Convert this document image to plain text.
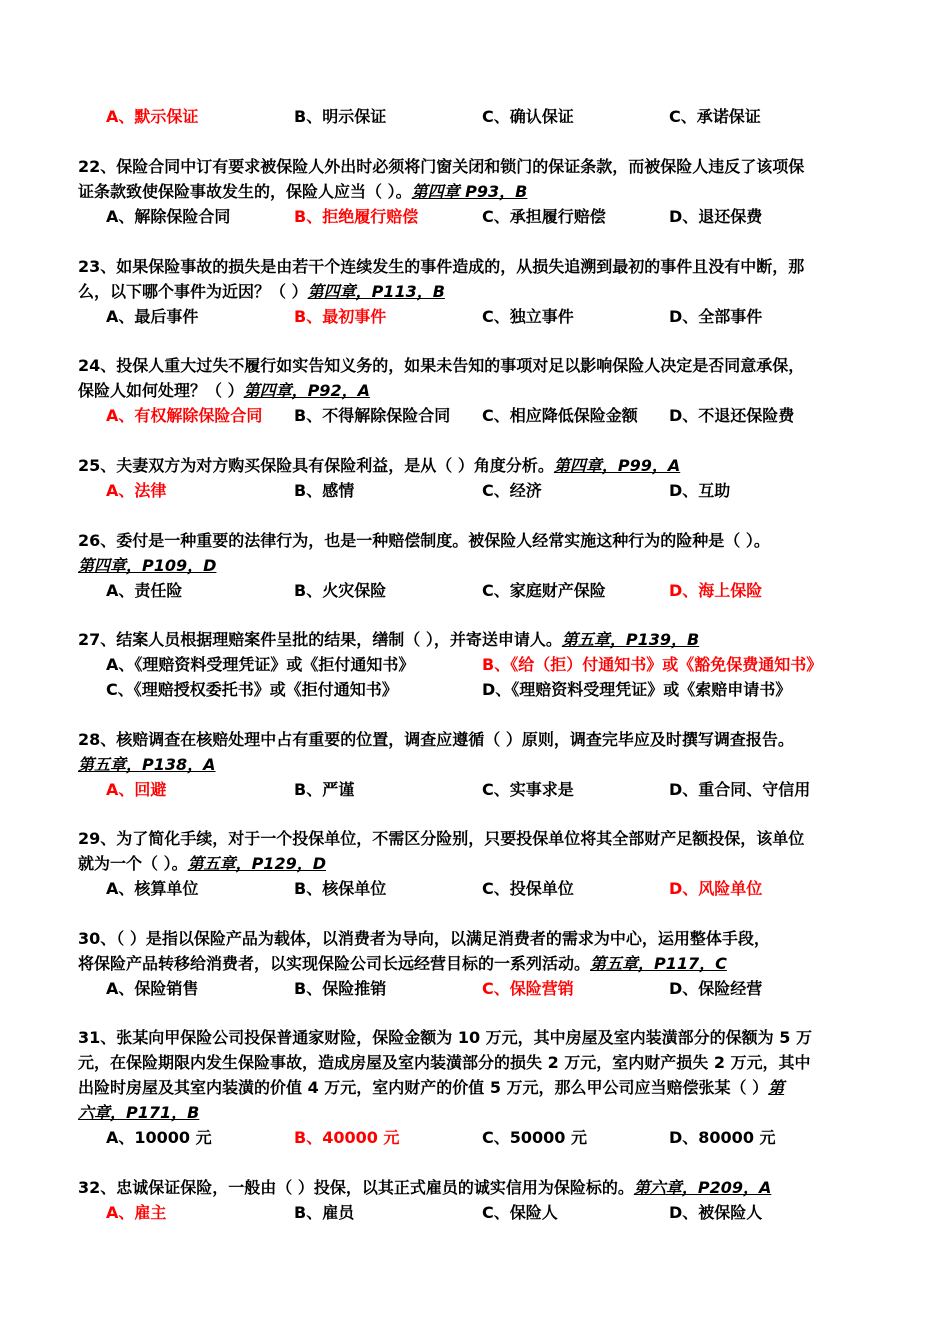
A、默示保证	B、明示保证	C、确认保证	C、承诺保证
22、保险合同中订有要求被保险人外出时必须将门窗关闭和锁门的保证条款，而被保险人违反了该项保
证条款致使保险事故发生的，保险人应当（ ）。第四章 P93，B
A、解除保险合同	B、拒绝履行赔偿	C、承担履行赔偿	D、退还保费
23、如果保险事故的损失是由若干个连续发生的事件造成的，从损失追溯到最初的事件且没有中断，那
么，以下哪个事件为近因？（ ）第四章，P113，B
A、最后事件	B、最初事件	C、独立事件	D、全部事件
24、投保人重大过失不履行如实告知义务的，如果未告知的事项对足以影响保险人决定是否同意承保，
保险人如何处理？（ ）第四章，P92，A
A、有权解除保险合同 B、不得解除保险合同 C、相应降低保险金额 D、不退还保险费
25、夫妻双方为对方购买保险具有保险利益，是从（ ）角度分析。第四章，P99，A
A、法律	B、感情	C、经济	D、互助
26、委付是一种重要的法律行为，也是一种赔偿制度。被保险人经常实施这种行为的险种是（ ）。
第四章，P109，D
A、责任险	B、火灾保险	C、家庭财产保险	D、海上保险
27、结案人员根据理赔案件呈批的结果，缮制（ ），并寄送申请人。第五章，P139，B
A、《理赔资料受理凭证》或《拒付通知书》	B、《给（拒）付通知书》或《豁免保费通知书》
C、《理赔授权委托书》或《拒付通知书》	D、《理赔资料受理凭证》或《索赔申请书》
28、核赔调查在核赔处理中占有重要的位置，调查应遵循（ ）原则，调查完毕应及时撰写调查报告。
第五章，P138，A
A、回避	B、严谨	C、实事求是	D、重合同、守信用
29、为了简化手续，对于一个投保单位，不需区分险别，只要投保单位将其全部财产足额投保，该单位
就为一个（ ）。第五章，P129，D
A、核算单位	B、核保单位	C、投保单位	D、风险单位
30、（ ）是指以保险产品为载体，以消费者为导向，以满足消费者的需求为中心，运用整体手段，
将保险产品转移给消费者，以实现保险公司长远经营目标的一系列活动。第五章，P117，C
A、保险销售	B、保险推销	C、保险营销	D、保险经营
31、张某向甲保险公司投保普通家财险，保险金额为 10 万元，其中房屋及室内装潢部分的保额为 5 万
元，在保险期限内发生保险事故，造成房屋及室内装潢部分的损失 2 万元，室内财产损失 2 万元，其中
出险时房屋及其室内装潢的价值 4 万元，室内财产的价值 5 万元，那么甲公司应当赔偿张某（ ）第
六章，P171，B
A、10000 元	B、40000 元	C、50000 元	D、80000 元
32、忠诚保证保险，一般由（ ）投保，以其正式雇员的诚实信用为保险标的。第六章，P209，A
A、雇主	B、雇员	C、保险人	D、被保险人
